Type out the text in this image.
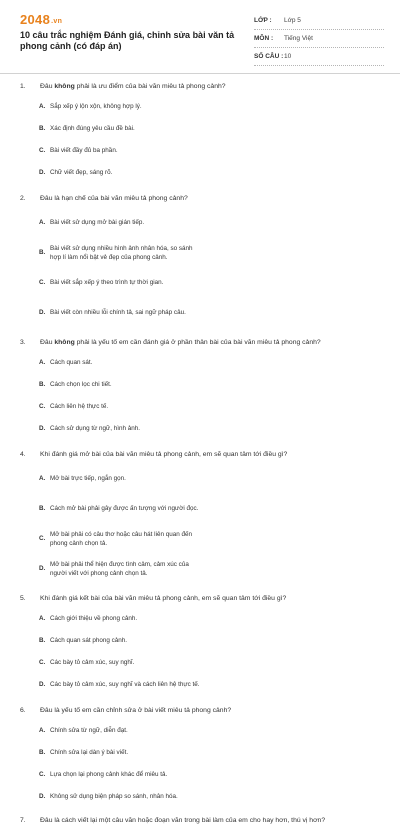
2048.vn
10 câu trắc nghiệm Đánh giá, chỉnh sửa bài văn tả phong cảnh (có đáp án)
LỚP :	Lớp 5
MÔN :	Tiếng Việt
SỐ CÂU : 10
1.	Đâu không phải là ưu điểm của bài văn miêu tả phong cảnh?
A. Sắp xếp ý lộn xộn, không hợp lý.
B. Xác định đúng yêu cầu đề bài.
C. Bài viết đầy đủ ba phần.
D. Chữ viết đẹp, sáng rõ.
2.	Đâu là hạn chế của bài văn miêu tả phong cảnh?
A. Bài viết sử dụng mở bài gián tiếp.
B.
Bài viết sử dụng nhiều hình ảnh nhân hóa, so sánh hợp lí làm nổi bật vẻ đẹp của phong cảnh.
C. Bài viết sắp xếp ý theo trình tự thời gian.
D. Bài viết còn nhiều lỗi chính tả, sai ngữ pháp câu.
3.	Đâu không phải là yếu tố em cần đánh giá ở phần thân bài của bài văn miêu tả phong cảnh?
A. Cách quan sát.
B. Cách chọn lọc chi tiết.
C. Cách liên hệ thực tế.
D. Cách sử dụng từ ngữ, hình ảnh.
4.	Khi đánh giá mở bài của bài văn miêu tả phong cảnh, em sẽ quan tâm tới điều gì?
A. Mở bài trực tiếp, ngắn gọn.
B. Cách mở bài phải gây được ấn tượng với người đọc.
C.
Mở bài phải có câu thơ hoặc câu hát liên quan đến phong cảnh chọn tả.
D.
Mở bài phải thể hiện được tình cảm, cảm xúc của người viết với phong cảnh chọn tả.
5.	Khi đánh giá kết bài của bài văn miêu tả phong cảnh, em sẽ quan tâm tới điều gì?
A. Cách giới thiệu về phong cảnh.
B. Cách quan sát phong cảnh.
C. Các bày tỏ cảm xúc, suy nghĩ.
D. Các bày tỏ cảm xúc, suy nghĩ và cách liên hệ thực tế.
6.	Đâu là yếu tố em cần chỉnh sửa ở bài viết miêu tả phong cảnh?
A. Chính sửa từ ngữ, diễn đạt.
B. Chính sửa lại dàn ý bài viết.
C. Lựa chọn lại phong cảnh khác để miêu tả.
D. Không sử dụng biện pháp so sánh, nhân hóa.
7.	Đâu là cách viết lại một câu văn hoặc đoạn văn trong bài làm của em cho hay hơn, thú vị hơn?
